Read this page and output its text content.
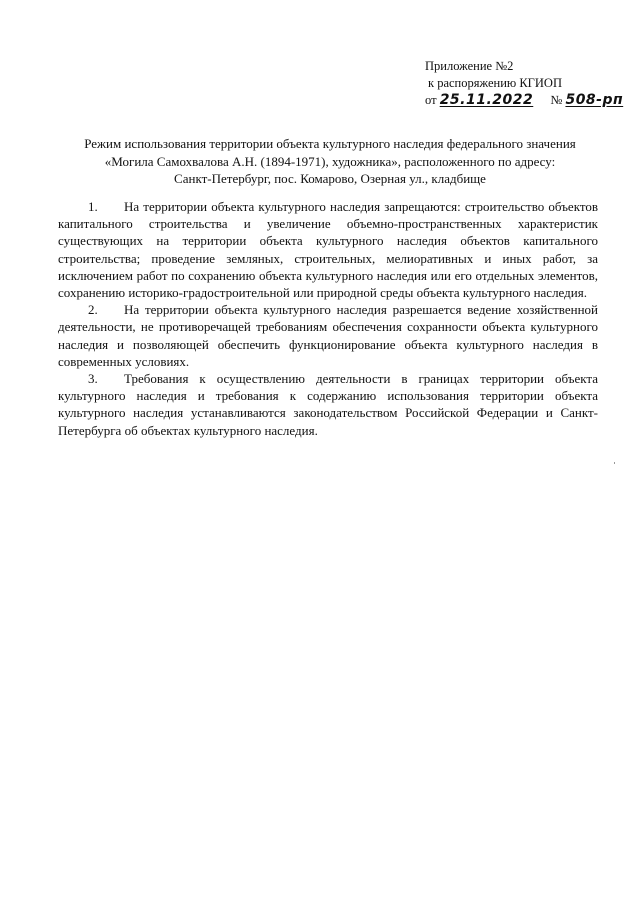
Приложение №2
к распоряжению КГИОП
от 25.11.2022 № 508-рп
Режим использования территории объекта культурного наследия федерального значения
«Могила Самохвалова А.Н. (1894-1971), художника», расположенного по адресу:
Санкт-Петербург, пос. Комарово, Озерная ул., кладбище

1. На территории объекта культурного наследия запрещаются: строительство объектов капитального строительства и увеличение объемно-пространственных характеристик существующих на территории объекта культурного наследия объектов капитального строительства; проведение земляных, строительных, мелиоративных и иных работ, за исключением работ по сохранению объекта культурного наследия или его отдельных элементов, сохранению историко-градостроительной или природной среды объекта культурного наследия.

2. На территории объекта культурного наследия разрешается ведение хозяйственной деятельности, не противоречащей требованиям обеспечения сохранности объекта культурного наследия и позволяющей обеспечить функционирование объекта культурного наследия в современных условиях.

3. Требования к осуществлению деятельности в границах территории объекта культурного наследия и требования к содержанию использования территории объекта культурного наследия устанавливаются законодательством Российской Федерации и Санкт-Петербурга об объектах культурного наследия.
